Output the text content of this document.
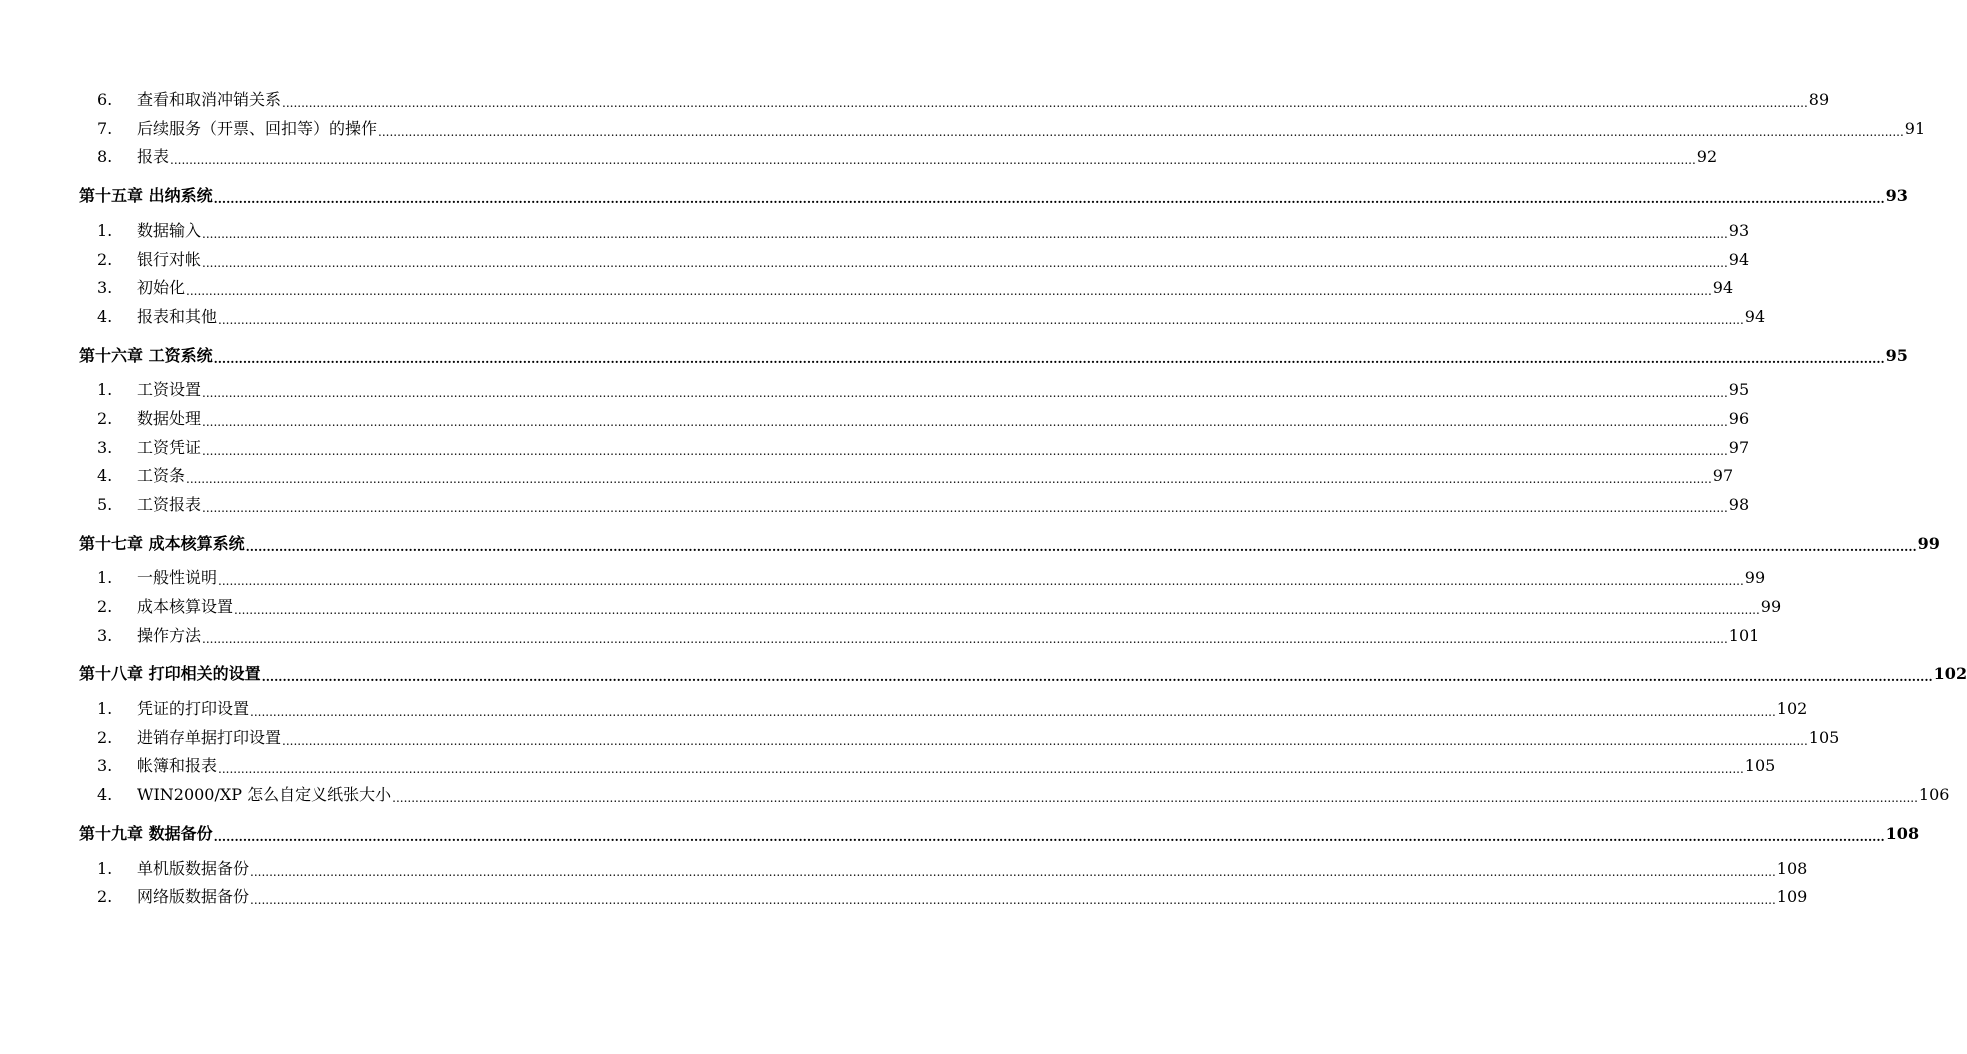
6.	查看和取消冲销关系 ................................................................................................................................................................................................................................................................................................................................................................................................................ 89
7.	后续服务（开票、回扣等）的操作 ................................................................................................................................................................................................................................................................................................................................................................................................................ 91
8.	报表 ................................................................................................................................................................................................................................................................................................................................................................................................................ 92
第十五章 出纳系统 ................................................................................................................................................................................................................................................................................................................................................................................................................ 93
1.	数据输入 ................................................................................................................................................................................................................................................................................................................................................................................................................ 93
2.	银行对帐 ................................................................................................................................................................................................................................................................................................................................................................................................................ 94
3.	初始化 ................................................................................................................................................................................................................................................................................................................................................................................................................ 94
4.	报表和其他 ................................................................................................................................................................................................................................................................................................................................................................................................................ 94
第十六章 工资系统 ................................................................................................................................................................................................................................................................................................................................................................................................................ 95
1.	工资设置 ................................................................................................................................................................................................................................................................................................................................................................................................................ 95
2.	数据处理 ................................................................................................................................................................................................................................................................................................................................................................................................................ 96
3.	工资凭证 ................................................................................................................................................................................................................................................................................................................................................................................................................ 97
4.	工资条 ................................................................................................................................................................................................................................................................................................................................................................................................................ 97
5.	工资报表 ................................................................................................................................................................................................................................................................................................................................................................................................................ 98
第十七章 成本核算系统 ................................................................................................................................................................................................................................................................................................................................................................................................................ 99
1.	一般性说明 ................................................................................................................................................................................................................................................................................................................................................................................................................ 99
2.	成本核算设置 ................................................................................................................................................................................................................................................................................................................................................................................................................ 99
3.	操作方法 ................................................................................................................................................................................................................................................................................................................................................................................................................ 101
第十八章 打印相关的设置 ................................................................................................................................................................................................................................................................................................................................................................................................................ 102
1.	凭证的打印设置 ................................................................................................................................................................................................................................................................................................................................................................................................................ 102
2.	进销存单据打印设置 ................................................................................................................................................................................................................................................................................................................................................................................................................ 105
3.	帐簿和报表 ................................................................................................................................................................................................................................................................................................................................................................................................................ 105
4.	WIN2000/XP 怎么自定义纸张大小 ................................................................................................................................................................................................................................................................................................................................................................................................................ 106
第十九章 数据备份 ................................................................................................................................................................................................................................................................................................................................................................................................................ 108
1.	单机版数据备份 ................................................................................................................................................................................................................................................................................................................................................................................................................ 108
2.	网络版数据备份 ................................................................................................................................................................................................................................................................................................................................................................................................................ 109
